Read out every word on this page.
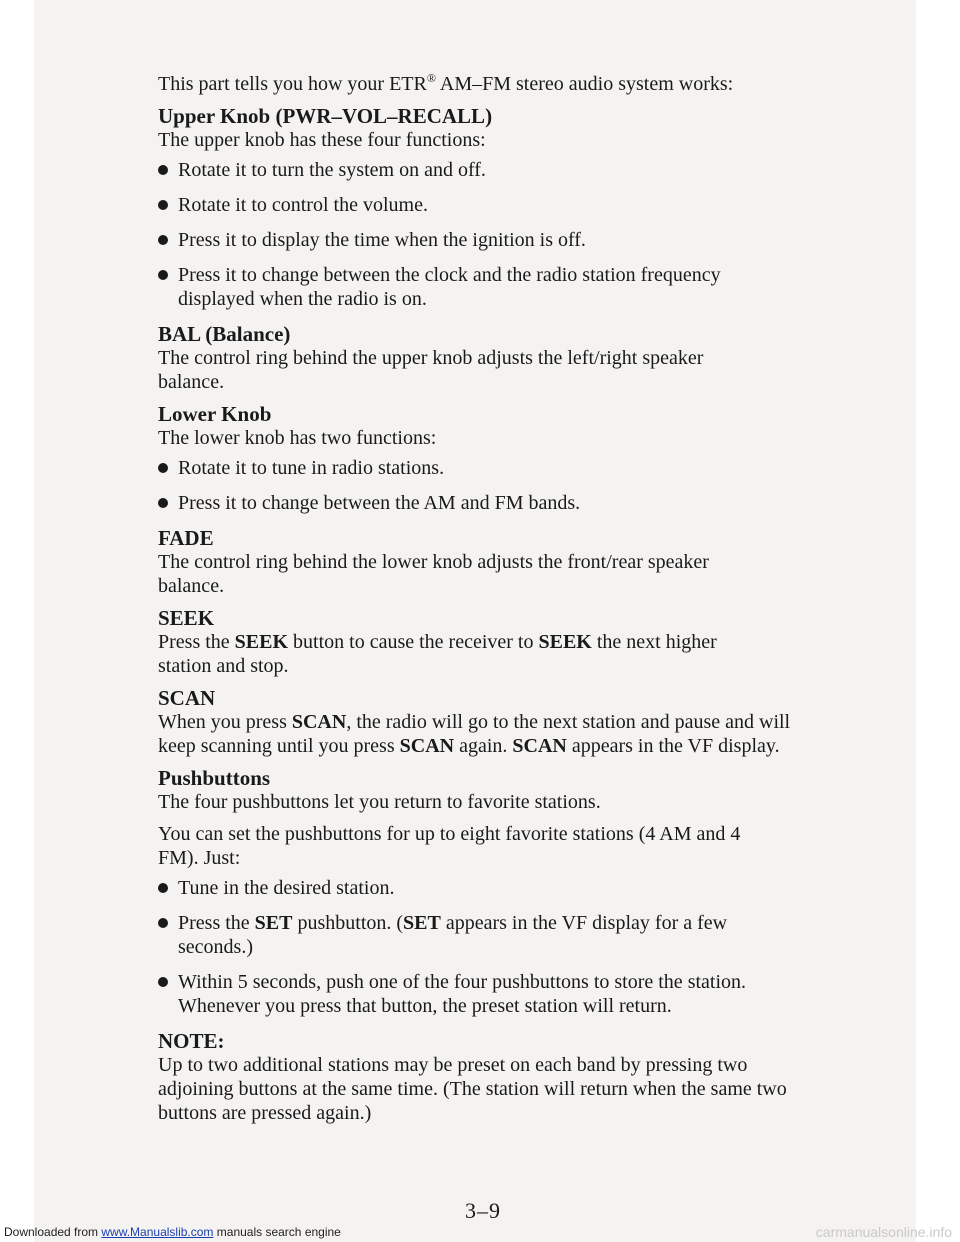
This part tells you how your ETR® AM–FM stereo audio system works:

Upper Knob (PWR–VOL–RECALL)

The upper knob has these four functions:

Rotate it to turn the system on and off.
Rotate it to control the volume.
Press it to display the time when the ignition is off.
Press it to change between the clock and the radio station frequency displayed when the radio is on.
BAL (Balance)

The control ring behind the upper knob adjusts the left/right speaker balance.

Lower Knob

The lower knob has two functions:

Rotate it to tune in radio stations.
Press it to change between the AM and FM bands.
FADE

The control ring behind the lower knob adjusts the front/rear speaker balance.

SEEK

Press the SEEK button to cause the receiver to SEEK the next higher station and stop.

SCAN

When you press SCAN, the radio will go to the next station and pause and will keep scanning until you press SCAN again. SCAN appears in the VF display.

Pushbuttons

The four pushbuttons let you return to favorite stations.

You can set the pushbuttons for up to eight favorite stations (4 AM and 4 FM). Just:

Tune in the desired station.
Press the SET pushbutton. (SET appears in the VF display for a few seconds.)
Within 5 seconds, push one of the four pushbuttons to store the station. Whenever you press that button, the preset station will return.
NOTE:

Up to two additional stations may be preset on each band by pressing two adjoining buttons at the same time. (The station will return when the same two buttons are pressed again.)

3–9
Downloaded from www.Manualslib.com manuals search engine	carmanualsonline.info
